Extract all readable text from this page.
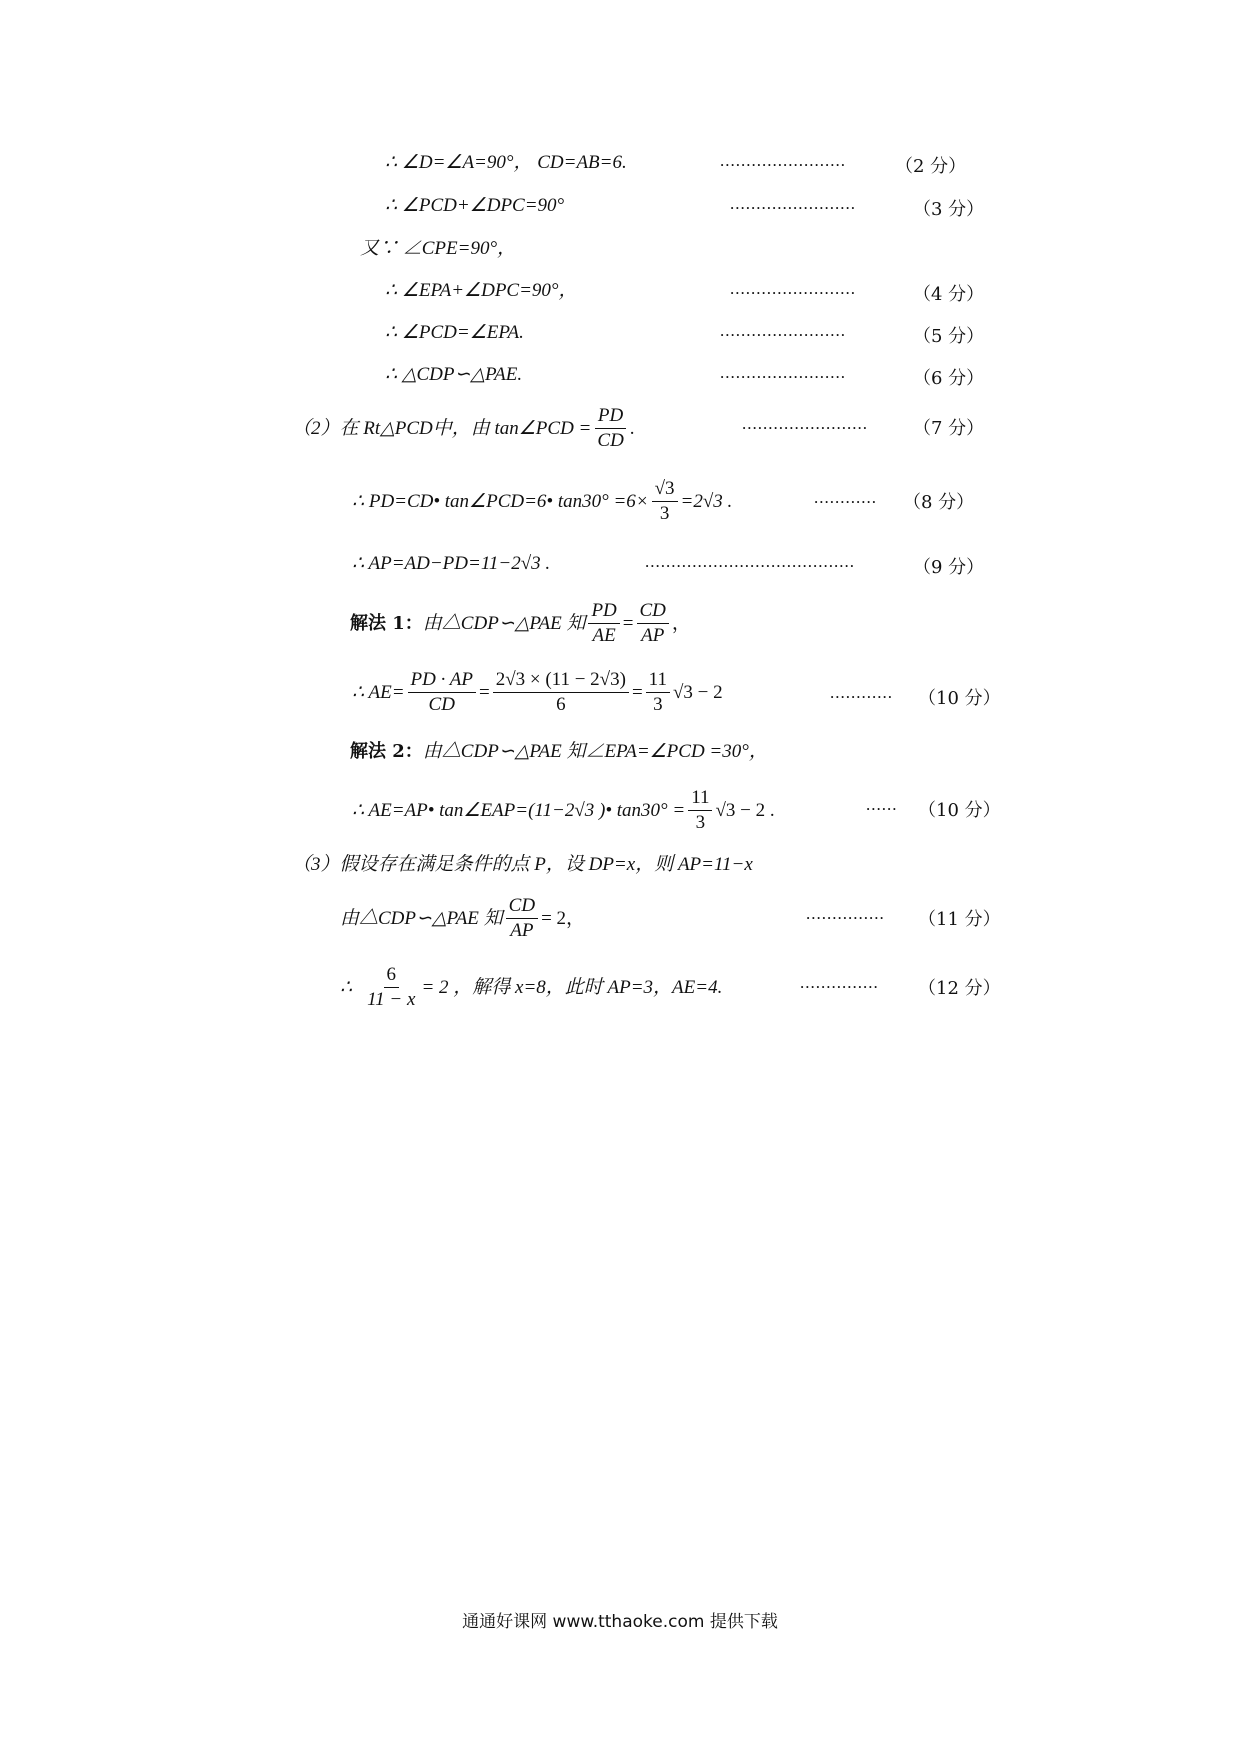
∴ ∠D=∠A=90°， CD=AB=6.	........................	（2 分）
∴ ∠PCD+∠DPC=90°	........................	（3 分）
又∵ ∠CPE=90°，
∴ ∠EPA+∠DPC=90°，	........................	（4 分）
∴ ∠PCD=∠EPA.	........................	（5 分）
∴ △CDP∽△PAE.	........................	（6 分）
（2）在 Rt△PCD中，由 tan∠PCD = $\frac{PD}{CD}$ .	........................	（7 分）
∴ PD=CD• tan∠PCD=6• $\tan 30^\circ =6\times \frac{√3}{3} =2√3$ .	............ （8 分）
∴ AP=AD−PD=11−2√3 .	........................................	（9 分）
解法 1： 由△CDP∽△PAE 知 $\frac{PD}{AE} = \frac{CD}{AP}$ ，
∴ $AE= \frac{PD \cdot AP}{CD} = \frac{2√3 \times (11 - 2√3)}{6} = \frac{11}{3} √3 - 2$	............ （10 分）
解法 2：由△CDP∽△PAE 知∠EPA=∠PCD =30°，
∴ AE=AP• tan∠EAP=(11−2√3 )• $\tan 30^\circ = \frac{11}{3} √3 - 2$ .	...... （10 分）
（3）假设存在满足条件的点 P，设 DP=x，则 AP=11−x
由△CDP∽△PAE 知 $\frac{CD}{AP} = 2$，	............... （11 分）
∴ $\frac{6}{11 - x} = 2$ ，解得 x=8，此时 AP=3，AE=4.	............... （12 分）
通通好课网 www.tthaoke.com 提供下载
